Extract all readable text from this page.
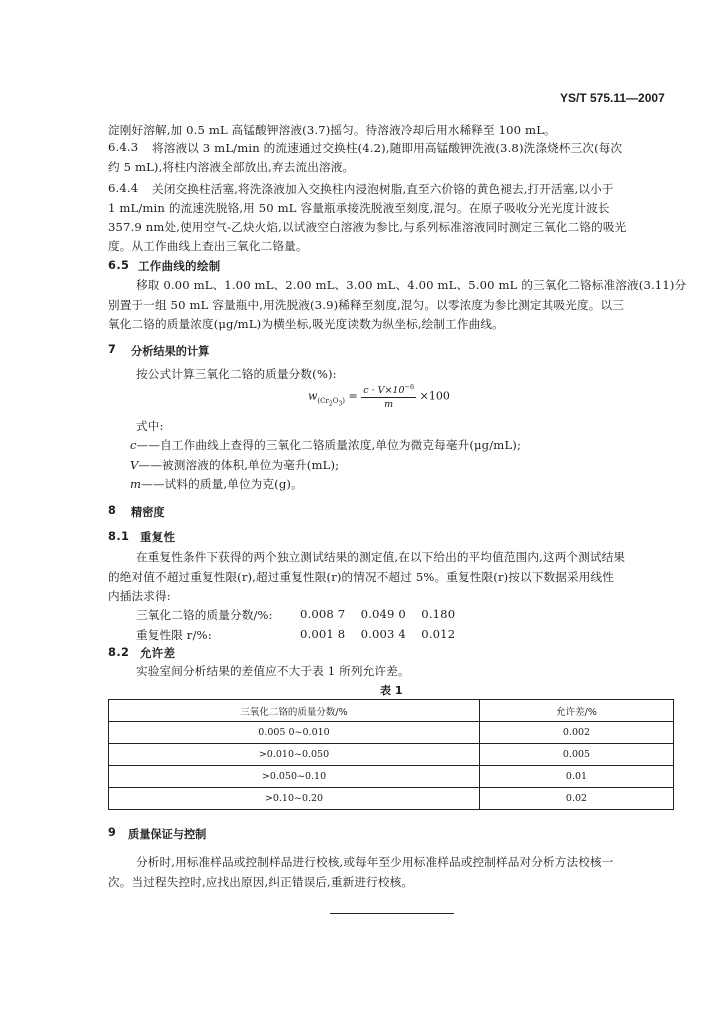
YS/T 575.11—2007
淀刚好溶解,加 0.5 mL 高锰酸钾溶液(3.7)摇匀。待溶液冷却后用水稀释至 100 mL。
6.4.3 将溶液以 3 mL/min 的流速通过交换柱(4.2),随即用高锰酸钾洗液(3.8)洗涤烧杯三次(每次
约 5 mL),将柱内溶液全部放出,弃去流出溶液。
6.4.4 关闭交换柱活塞,将洗涤液加入交换柱内浸泡树脂,直至六价铬的黄色褪去,打开活塞,以小于
1 mL/min 的流速洗脱铬,用 50 mL 容量瓶承接洗脱液至刻度,混匀。在原子吸收分光光度计波长
357.9 nm处,使用空气-乙炔火焰,以试液空白溶液为参比,与系列标准溶液同时测定三氧化二铬的吸光
度。从工作曲线上查出三氧化二铬量。
6.5 工作曲线的绘制
移取 0.00 mL、1.00 mL、2.00 mL、3.00 mL、4.00 mL、5.00 mL 的三氧化二铬标准溶液(3.11)分
别置于一组 50 mL 容量瓶中,用洗脱液(3.9)稀释至刻度,混匀。以零浓度为参比测定其吸光度。以三
氧化二铬的质量浓度(μg/mL)为横坐标,吸光度读数为纵坐标,绘制工作曲线。
7 分析结果的计算
按公式计算三氧化二铬的质量分数(%):
$w_{(Cr_2O_3)} = \frac{c \cdot V\times 10^{-6}}{m} \times 100$
式中:
c——自工作曲线上查得的三氧化二铬质量浓度,单位为微克每毫升(μg/mL);
V——被测溶液的体积,单位为毫升(mL);
m——试料的质量,单位为克(g)。
8 精密度
8.1 重复性
在重复性条件下获得的两个独立测试结果的测定值,在以下给出的平均值范围内,这两个测试结果
的绝对值不超过重复性限(r),超过重复性限(r)的情况不超过 5%。重复性限(r)按以下数据采用线性
内插法求得:
三氧化二铬的质量分数/%: 0.008 7    0.049 0    0.180
重复性限 r/%:	0.001 8    0.003 4    0.012
8.2 允许差
实验室间分析结果的差值应不大于表 1 所列允许差。
表 1
三氧化二铬的质量分数/%	允许差/%
0.005 0~0.010	0.002
>0.010~0.050	0.005
>0.050~0.10	0.01
>0.10~0.20	0.02
9 质量保证与控制
分析时,用标准样品或控制样品进行校核,或每年至少用标准样品或控制样品对分析方法校核一
次。当过程失控时,应找出原因,纠正错误后,重新进行校核。
